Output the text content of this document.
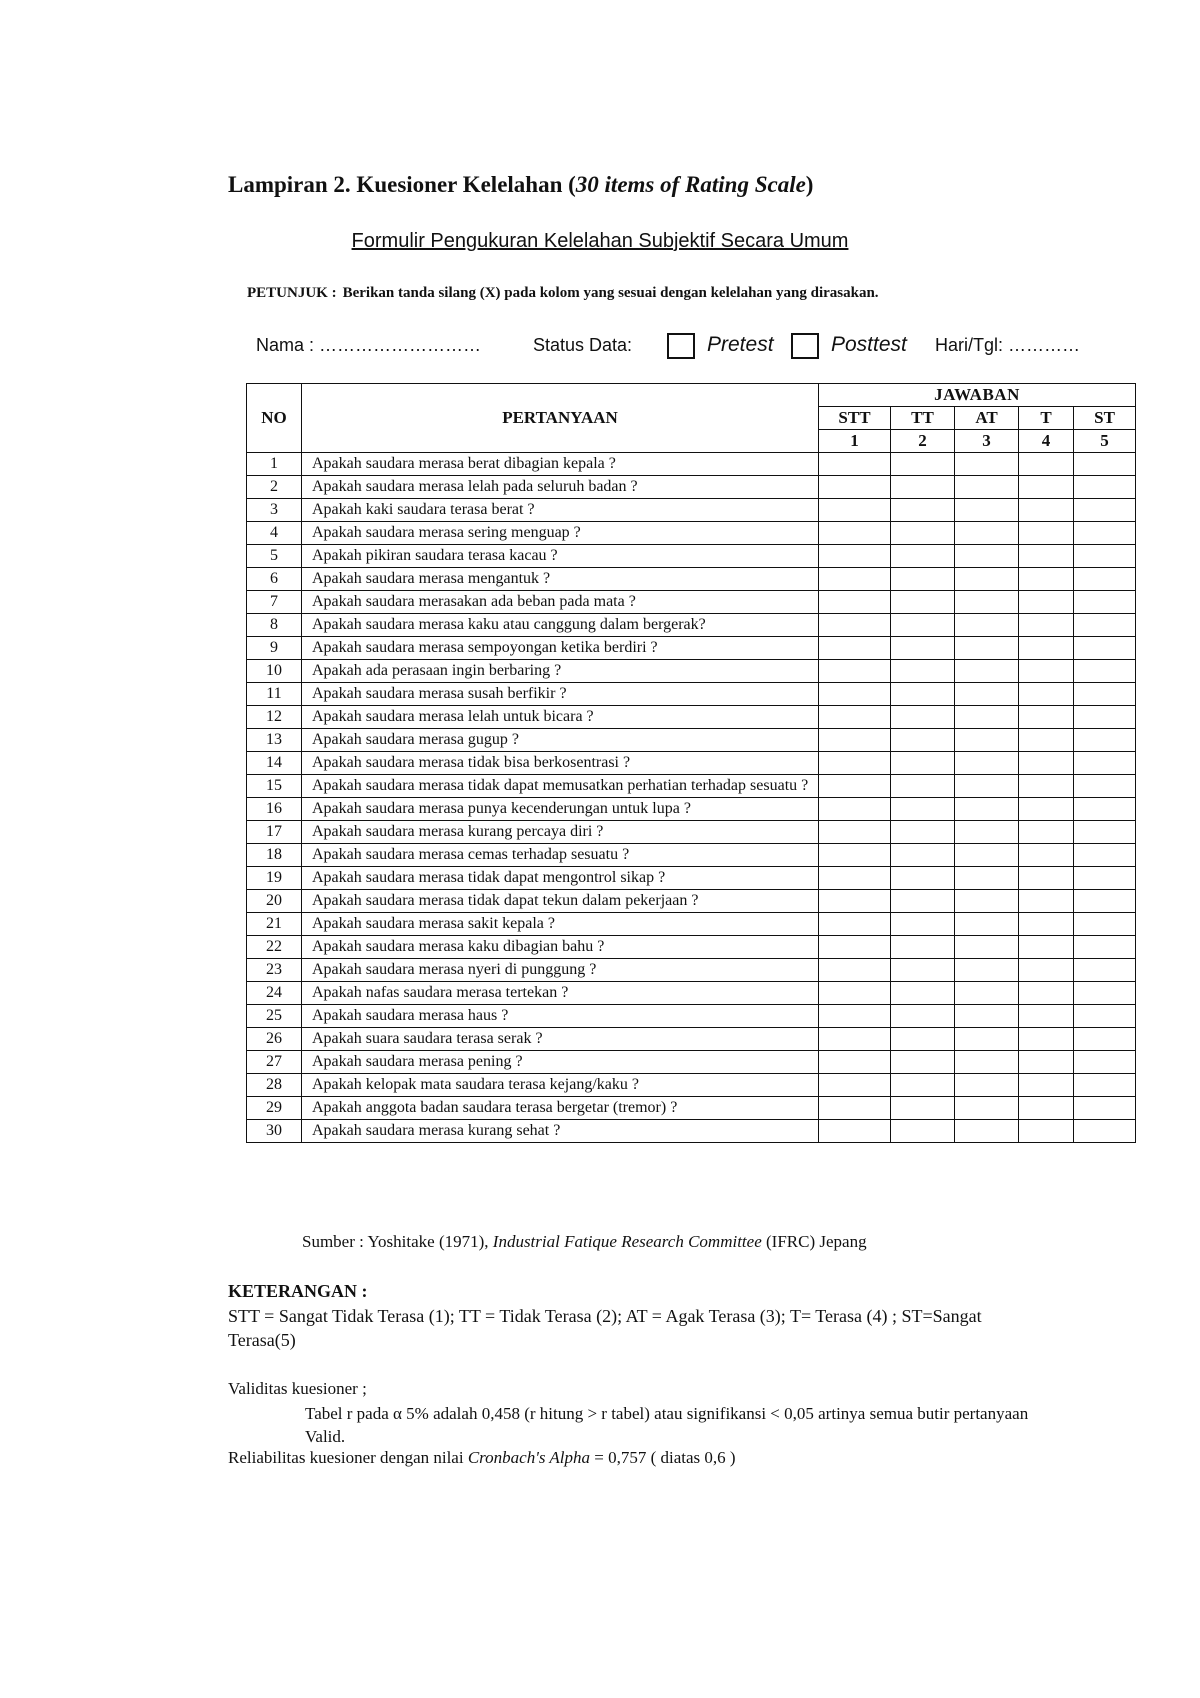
Lampiran 2. Kuesioner Kelelahan (30 items of Rating Scale)
Formulir Pengukuran Kelelahan Subjektif Secara Umum
PETUNJUK : Berikan tanda silang (X) pada kolom yang sesuai dengan kelelahan yang dirasakan.
Nama : ………………………	Status Data:	Pretest	Posttest Hari/Tgl: …………
NO	PERTANYAAN	JAWABAN				
		STT	TT	AT	T	ST
		1	2	3	4	5
1	Apakah saudara merasa berat dibagian kepala ?					
2	Apakah saudara merasa lelah pada seluruh badan ?					
3	Apakah kaki saudara terasa berat ?					
4	Apakah saudara merasa sering menguap ?					
5	Apakah pikiran saudara terasa kacau ?					
6	Apakah saudara merasa mengantuk ?					
7	Apakah saudara merasakan ada beban pada mata ?					
8	Apakah saudara merasa kaku atau canggung dalam bergerak?					
9	Apakah saudara merasa sempoyongan ketika berdiri ?					
10	Apakah ada perasaan ingin berbaring ?					
11	Apakah saudara merasa susah berfikir ?					
12	Apakah saudara merasa lelah untuk bicara ?					
13	Apakah saudara merasa gugup ?					
14	Apakah saudara merasa tidak bisa berkosentrasi ?					
15	Apakah saudara merasa tidak dapat memusatkan perhatian terhadap sesuatu ?					
16	Apakah saudara merasa punya kecenderungan untuk lupa ?					
17	Apakah saudara merasa kurang percaya diri ?					
18	Apakah saudara merasa cemas terhadap sesuatu ?					
19	Apakah saudara merasa tidak dapat mengontrol sikap ?					
20	Apakah saudara merasa tidak dapat tekun dalam pekerjaan ?					
21	Apakah saudara merasa sakit kepala ?					
22	Apakah saudara merasa kaku dibagian bahu ?					
23	Apakah saudara merasa nyeri di punggung ?					
24	Apakah nafas saudara merasa tertekan ?					
25	Apakah saudara merasa haus ?					
26	Apakah suara saudara terasa serak ?					
27	Apakah saudara merasa pening ?					
28	Apakah kelopak mata saudara terasa kejang/kaku ?					
29	Apakah anggota badan saudara terasa bergetar (tremor) ?					
30	Apakah saudara merasa kurang sehat ?					
Sumber : Yoshitake (1971), Industrial Fatique Research Committee (IFRC) Jepang
KETERANGAN :
STT = Sangat Tidak Terasa (1); TT = Tidak Terasa (2); AT = Agak Terasa (3); T= Terasa (4) ; ST=Sangat Terasa(5)
Validitas kuesioner ;
Tabel r pada α 5% adalah 0,458 (r hitung > r tabel) atau signifikansi < 0,05 artinya semua butir pertanyaan Valid.
Reliabilitas kuesioner dengan nilai Cronbach's Alpha = 0,757 ( diatas 0,6 )
